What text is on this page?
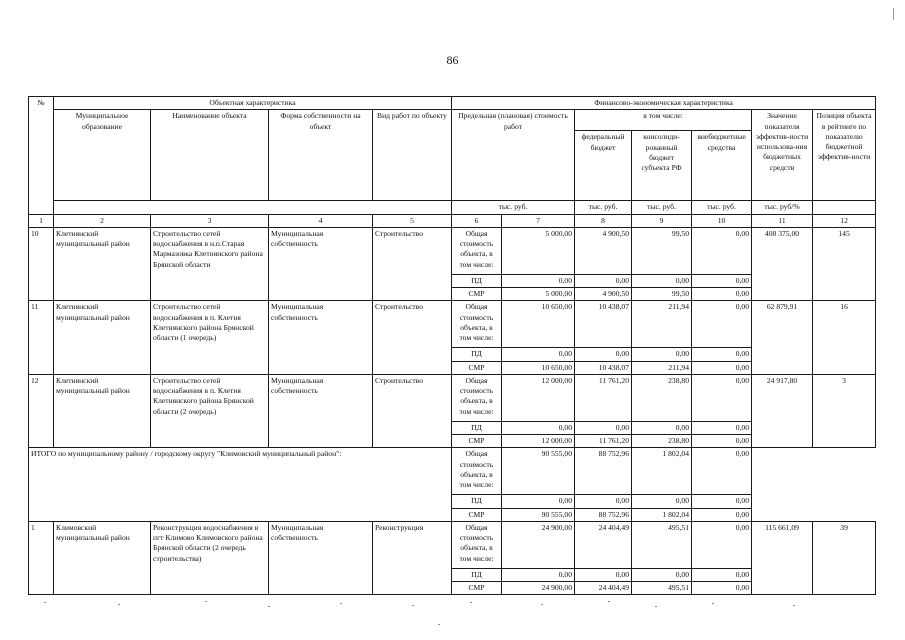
86
№	Объектная характеристика				Финансово-экономическая характеристика						
	Муниципальное образование	Наименование объекта	Форма собственности на объект	Вид работ по объекту	Предельная (плановая) стоимость работ		в том числе:			Значение показателя эффектив-ности использова-ния бюджетных средств	Позиция объекта в рейтинге по показателю бюджетной эффектив-ности
							федеральный бюджет	консолиди-рованный бюджет субъекта РФ	внебюджетные средства		
					тыс. руб.		тыс. руб.	тыс. руб.	тыс. руб.	тыс. руб/%	
1	2	3	4	5	6	7	8	9	10	11	12
10	Клетнянский муниципальный район	Строительство сетей водоснабжения в н.п.Старая Мармазовка Клетнянского района Брянской области	Муниципальная собственность	Строительство	Общая стоимость объекта, в том числе:	5 000,00	4 900,50	99,50	0,00	408 375,00	145
					ПД	0,00	0,00	0,00	0,00		
					СМР	5 000,00	4 900,50	99,50	0,00		
11	Клетнянский муниципальный район	Строительство сетей водоснабжения в п. Клетня Клетнянского района Брянской области (1 очередь)	Муниципальная собственность	Строительство	Общая стоимость объекта, в том числе:	10 650,00	10 438,07	211,94	0,00	62 879,91	16
					ПД	0,00	0,00	0,00	0,00		
					СМР	10 650,00	10 438,07	211,94	0,00		
12	Клетнянский муниципальный район	Строительство сетей водоснабжения в п. Клетня Клетнянского района Брянской области (2 очередь)	Муниципальная собственность	Строительство	Общая стоимость объекта, в том числе:	12 000,00	11 761,20	238,80	0,00	24 917,80	3
					ПД	0,00	0,00	0,00	0,00		
					СМР	12 000,00	11 761,20	238,80	0,00		
ИТОГО по муниципальному району / городскому округу "Климовский муниципальный район":					Общая стоимость объекта, в том числе:	90 555,00	88 752,96	1 802,04	0,00		
					ПД	0,00	0,00	0,00	0,00		
					СМР	90 555,00	88 752,96	1 802,04	0,00		
1	Климовский муниципальный район	Реконструкция водоснабжения в пгт Климово Климовского района Брянской области (2 очередь строительства)	Муниципальная собственность	Реконструкция	Общая стоимость объекта, в том числе:	24 900,00	24 404,49	495,51	0,00	115 661,09	39
					ПД	0,00	0,00	0,00	0,00		
					СМР	24 900,00	24 404,49	495,51	0,00		
